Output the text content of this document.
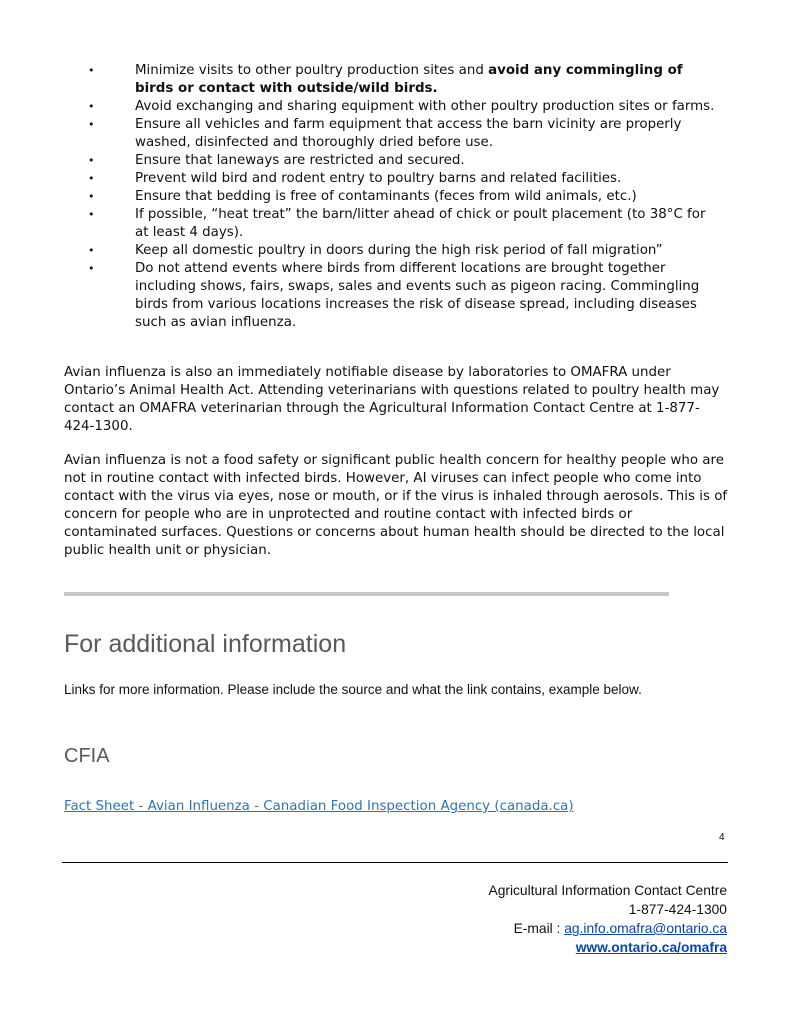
•	Minimize visits to other poultry production sites and avoid any commingling of birds or contact with outside/wild birds.
•	Avoid exchanging and sharing equipment with other poultry production sites or farms.
•	Ensure all vehicles and farm equipment that access the barn vicinity are properly washed, disinfected and thoroughly dried before use.
•	Ensure that laneways are restricted and secured.
•	Prevent wild bird and rodent entry to poultry barns and related facilities.
•	Ensure that bedding is free of contaminants (feces from wild animals, etc.)
•	If possible, “heat treat” the barn/litter ahead of chick or poult placement (to 38°C for at least 4 days).
•	Keep all domestic poultry in doors during the high risk period of fall migration”
•	Do not attend events where birds from different locations are brought together including shows, fairs, swaps, sales and events such as pigeon racing. Commingling birds from various locations increases the risk of disease spread, including diseases such as avian influenza.

Avian influenza is also an immediately notifiable disease by laboratories to OMAFRA under Ontario’s Animal Health Act. Attending veterinarians with questions related to poultry health may contact an OMAFRA veterinarian through the Agricultural Information Contact Centre at 1-877-424-1300.

Avian influenza is not a food safety or significant public health concern for healthy people who are not in routine contact with infected birds. However, AI viruses can infect people who come into contact with the virus via eyes, nose or mouth, or if the virus is inhaled through aerosols. This is of concern for people who are in unprotected and routine contact with infected birds or contaminated surfaces. Questions or concerns about human health should be directed to the local public health unit or physician.

For additional information

Links for more information. Please include the source and what the link contains, example below.

CFIA
Fact Sheet - Avian Influenza - Canadian Food Inspection Agency (canada.ca)
4
Agricultural Information Contact Centre
1-877-424-1300
E-mail : ag.info.omafra@ontario.ca
www.ontario.ca/omafra
